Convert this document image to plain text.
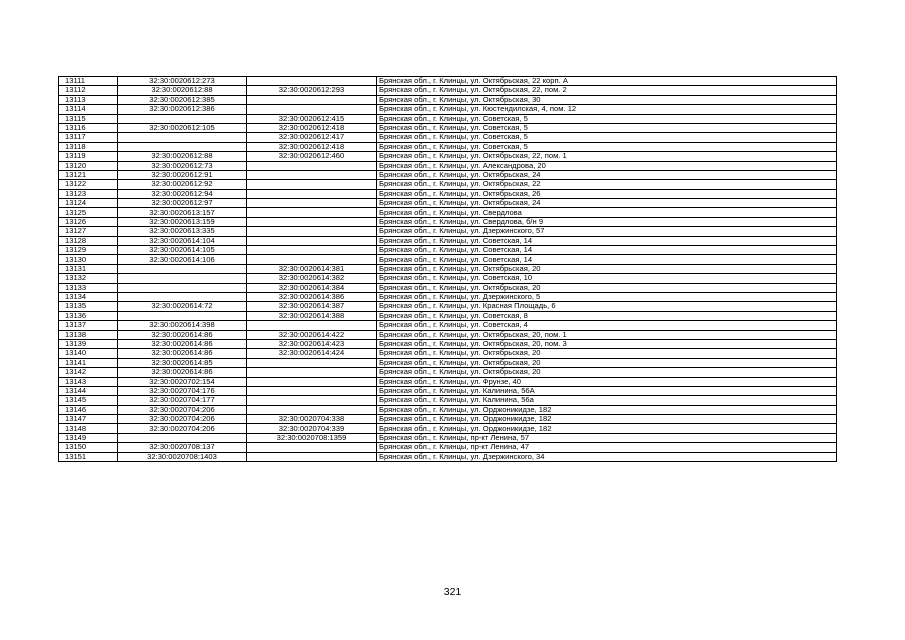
13111	32:30:0020612:273		Брянская обл., г. Клинцы, ул. Октябрьская, 22 корп. А
13112	32:30:0020612:88	32:30:0020612:293	Брянская обл., г. Клинцы, ул. Октябрьская, 22, пом. 2
13113	32:30:0020612:385		Брянская обл., г. Клинцы, ул. Октябрьская, 30
13114	32:30:0020612:386		Брянская обл., г. Клинцы, ул. Кюстендилская, 4, пом. 12
13115		32:30:0020612:415	Брянская обл., г. Клинцы, ул. Советская, 5
13116	32:30:0020612:105	32:30:0020612:418	Брянская обл., г. Клинцы, ул. Советская, 5
13117		32:30:0020612:417	Брянская обл., г. Клинцы, ул. Советская, 5
13118		32:30:0020612:418	Брянская обл., г. Клинцы, ул. Советская, 5
13119	32:30:0020612:88	32:30:0020612:460	Брянская обл., г. Клинцы, ул. Октябрьская, 22, пом. 1
13120	32:30:0020612:73		Брянская обл., г. Клинцы, ул. Александрова, 20
13121	32:30:0020612:91		Брянская обл., г. Клинцы, ул. Октябрьская, 24
13122	32:30:0020612:92		Брянская обл., г. Клинцы, ул. Октябрьская, 22
13123	32:30:0020612:94		Брянская обл., г. Клинцы, ул. Октябрьская, 26
13124	32:30:0020612:97		Брянская обл., г. Клинцы, ул. Октябрьская, 24
13125	32:30:0020613:157		Брянская обл., г. Клинцы, ул. Свердлова
13126	32:30:0020613:159		Брянская обл., г. Клинцы, ул. Свердлова, б/н 9
13127	32:30:0020613:335		Брянская обл., г. Клинцы, ул. Дзержинского, 57
13128	32:30:0020614:104		Брянская обл., г. Клинцы, ул. Советская, 14
13129	32:30:0020614:105		Брянская обл., г. Клинцы, ул. Советская, 14
13130	32:30:0020614:106		Брянская обл., г. Клинцы, ул. Советская, 14
13131		32:30:0020614:381	Брянская обл., г. Клинцы, ул. Октябрьская, 20
13132		32:30:0020614:382	Брянская обл., г. Клинцы, ул. Советская, 10
13133		32:30:0020614:384	Брянская обл., г. Клинцы, ул. Октябрьская, 20
13134		32:30:0020614:386	Брянская обл., г. Клинцы, ул. Дзержинского, 5
13135	32:30:0020614:72	32:30:0020614:387	Брянская обл., г. Клинцы, ул. Красная Площадь, 6
13136		32:30:0020614:388	Брянская обл., г. Клинцы, ул. Советская, 8
13137	32:30:0020614:398		Брянская обл., г. Клинцы, ул. Советская, 4
13138	32:30:0020614:86	32:30:0020614:422	Брянская обл., г. Клинцы, ул. Октябрьская, 20, пом. 1
13139	32:30:0020614:86	32:30:0020614:423	Брянская обл., г. Клинцы, ул. Октябрьская, 20, пом. 3
13140	32:30:0020614:86	32:30:0020614:424	Брянская обл., г. Клинцы, ул. Октябрьская, 20
13141	32:30:0020614:85		Брянская обл., г. Клинцы, ул. Октябрьская, 20
13142	32:30:0020614:86		Брянская обл., г. Клинцы, ул. Октябрьская, 20
13143	32:30:0020702:154		Брянская обл., г. Клинцы, ул. Фрунзе, 40
13144	32:30:0020704:176		Брянская обл., г. Клинцы, ул. Калинина, 56А
13145	32:30:0020704:177		Брянская обл., г. Клинцы, ул. Калинина, 56а
13146	32:30:0020704:206		Брянская обл., г. Клинцы, ул. Орджоникидзе, 182
13147	32:30:0020704:206	32:30:0020704:338	Брянская обл., г. Клинцы, ул. Орджоникидзе, 182
13148	32:30:0020704:206	32:30:0020704:339	Брянская обл., г. Клинцы, ул. Орджоникидзе, 182
13149		32:30:0020708:1359	Брянская обл., г. Клинцы, пр-кт Ленина, 57
13150	32:30:0020708:137		Брянская обл., г. Клинцы, пр-кт Ленина, 47
13151	32:30:0020708:1403		Брянская обл., г. Клинцы, ул. Дзержинского, 34
321
